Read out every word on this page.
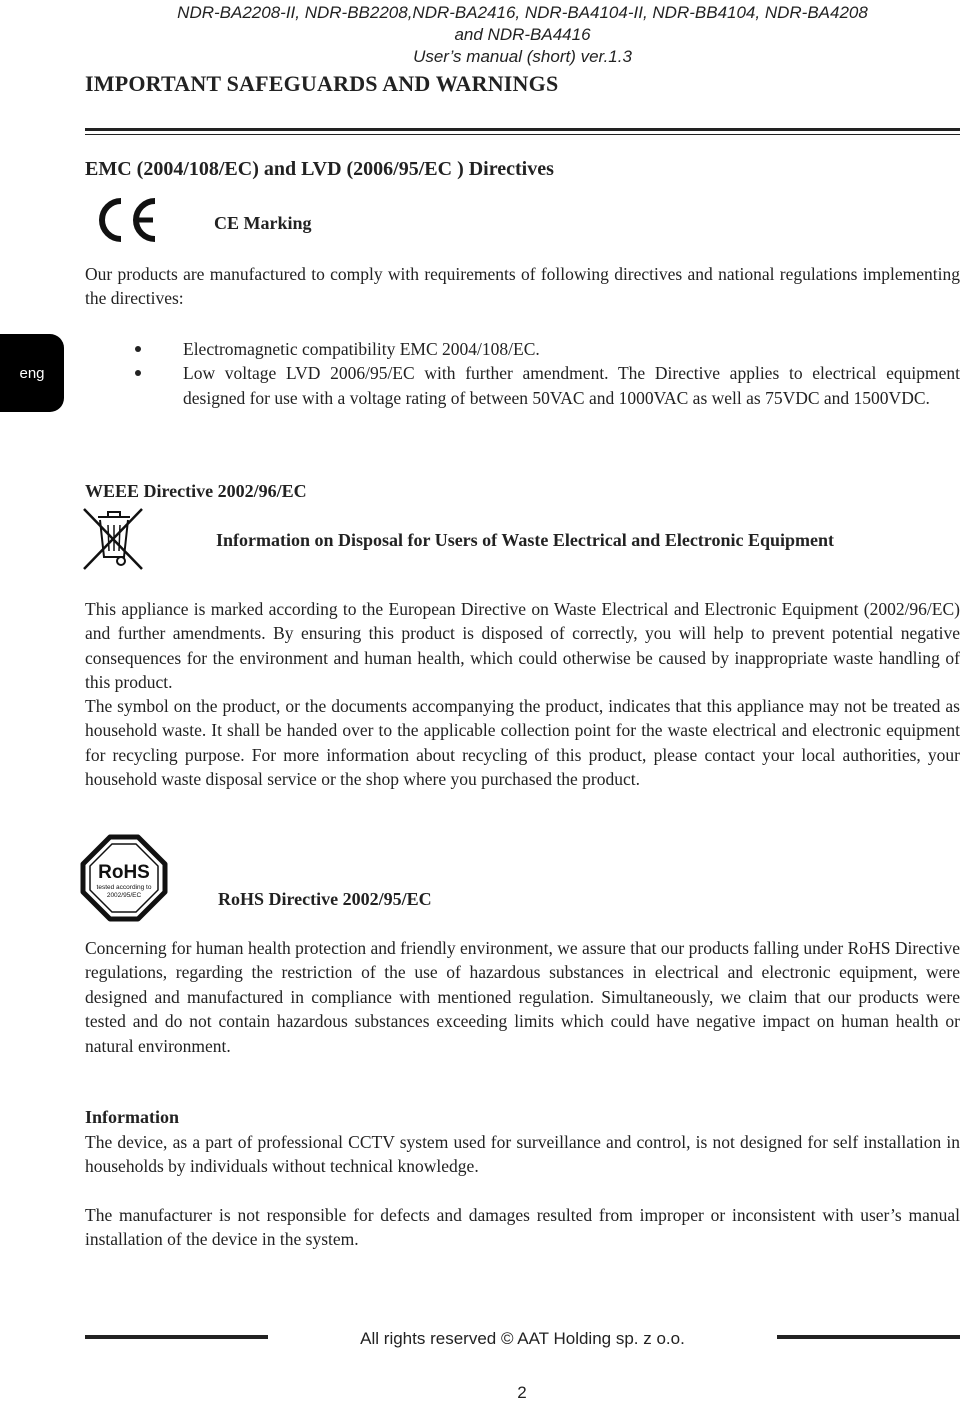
NDR-BA2208-II, NDR-BB2208,NDR-BA2416, NDR-BA4104-II, NDR-BB4104, NDR-BA4208
and NDR-BA4416
User’s manual (short) ver.1.3
IMPORTANT SAFEGUARDS AND WARNINGS
eng
EMC (2004/108/EC) and LVD (2006/95/EC ) Directives
CE Marking
Our products are manufactured to comply with requirements of following directives and national regulations implementing the directives:
Electromagnetic compatibility EMC 2004/108/EC.
Low voltage LVD 2006/95/EC with further amendment. The Directive applies to electrical equipment designed for use with a voltage rating of between 50VAC and 1000VAC as well as 75VDC and 1500VDC.
WEEE Directive 2002/96/EC
Information on Disposal for Users of Waste Electrical and Electronic Equipment
This appliance is marked according to the European Directive on Waste Electrical and Electronic Equipment (2002/96/EC) and further amendments. By ensuring this product is disposed of correctly, you will help to prevent potential negative consequences for the environment and human health, which could otherwise be caused by inappropriate waste handling of this product.
The symbol on the product, or the documents accompanying the product, indicates that this appliance may not be treated as household waste. It shall be handed over to the applicable collection point for the waste electrical and electronic equipment for recycling purpose. For more information about recycling of this product, please contact your local authorities, your household waste disposal service or the shop where you purchased the product.
RoHS
tested according to
2002/95/EC	RoHS Directive 2002/95/EC
Concerning for human health protection and friendly environment, we assure that our products falling under RoHS Directive regulations, regarding the restriction of the use of hazardous substances in electrical and electronic equipment, were designed and manufactured in compliance with mentioned regulation. Simultaneously, we claim that our products were tested and do not contain hazardous substances exceeding limits which could have negative impact on human health or natural environment.
Information
The device, as a part of professional CCTV system used for surveillance and control, is not designed for self installation in households by individuals without technical knowledge.
The manufacturer is not responsible for defects and damages resulted from improper or inconsistent with user’s manual installation of the device in the system.
All rights reserved © AAT Holding sp. z o.o.
2
